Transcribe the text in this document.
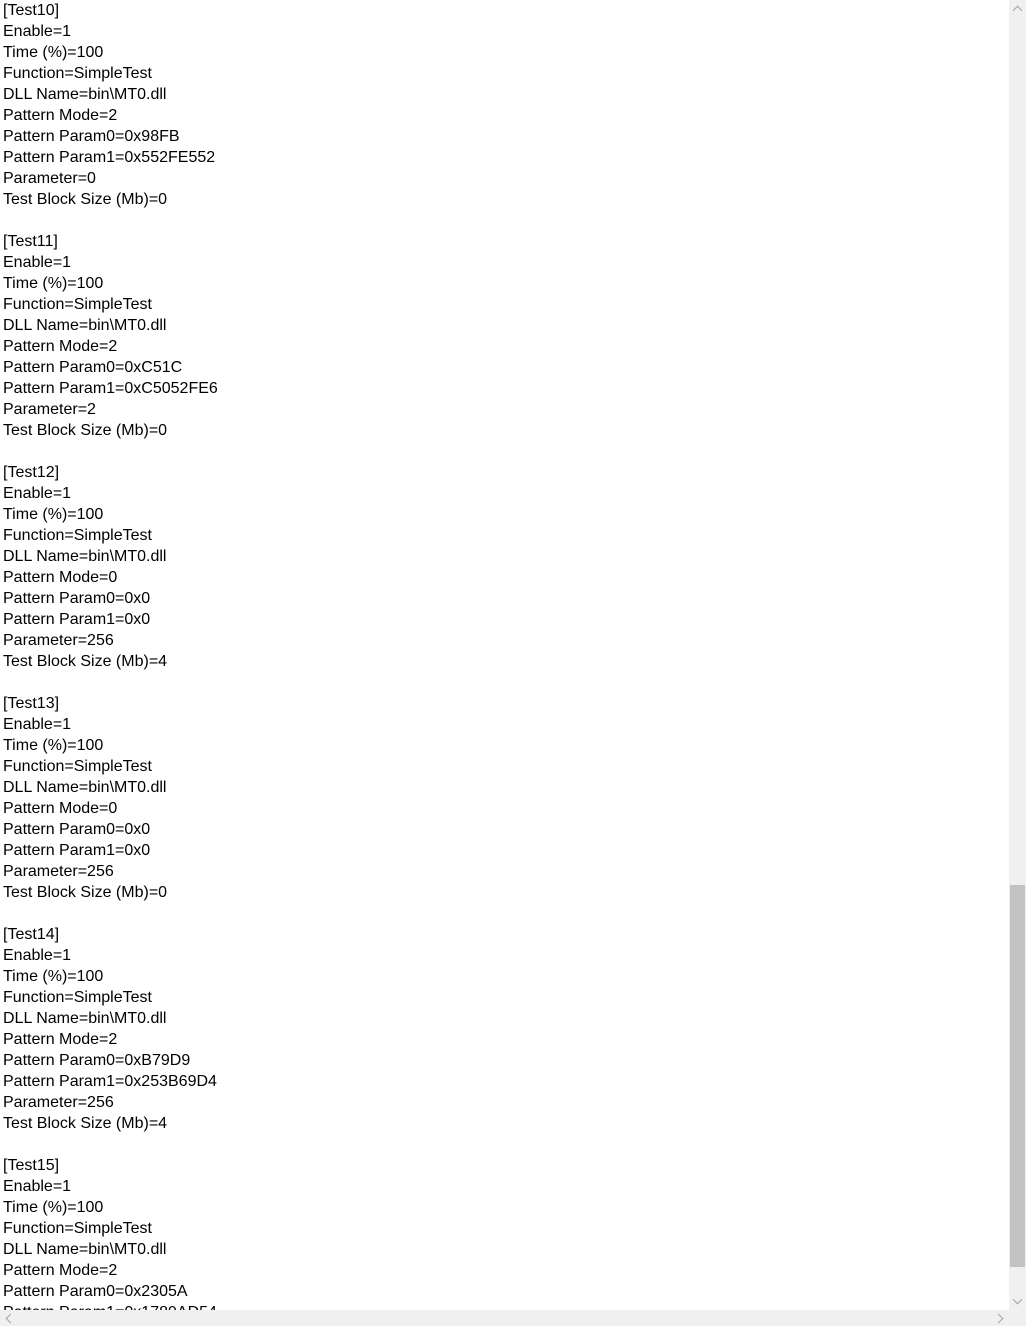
[Test10]
Enable=1
Time (%)=100
Function=SimpleTest
DLL Name=bin\MT0.dll
Pattern Mode=2
Pattern Param0=0x98FB
Pattern Param1=0x552FE552
Parameter=0
Test Block Size (Mb)=0
[Test11]
Enable=1
Time (%)=100
Function=SimpleTest
DLL Name=bin\MT0.dll
Pattern Mode=2
Pattern Param0=0xC51C
Pattern Param1=0xC5052FE6
Parameter=2
Test Block Size (Mb)=0
[Test12]
Enable=1
Time (%)=100
Function=SimpleTest
DLL Name=bin\MT0.dll
Pattern Mode=0
Pattern Param0=0x0
Pattern Param1=0x0
Parameter=256
Test Block Size (Mb)=4
[Test13]
Enable=1
Time (%)=100
Function=SimpleTest
DLL Name=bin\MT0.dll
Pattern Mode=0
Pattern Param0=0x0
Pattern Param1=0x0
Parameter=256
Test Block Size (Mb)=0
[Test14]
Enable=1
Time (%)=100
Function=SimpleTest
DLL Name=bin\MT0.dll
Pattern Mode=2
Pattern Param0=0xB79D9
Pattern Param1=0x253B69D4
Parameter=256
Test Block Size (Mb)=4
[Test15]
Enable=1
Time (%)=100
Function=SimpleTest
DLL Name=bin\MT0.dll
Pattern Mode=2
Pattern Param0=0x2305A
